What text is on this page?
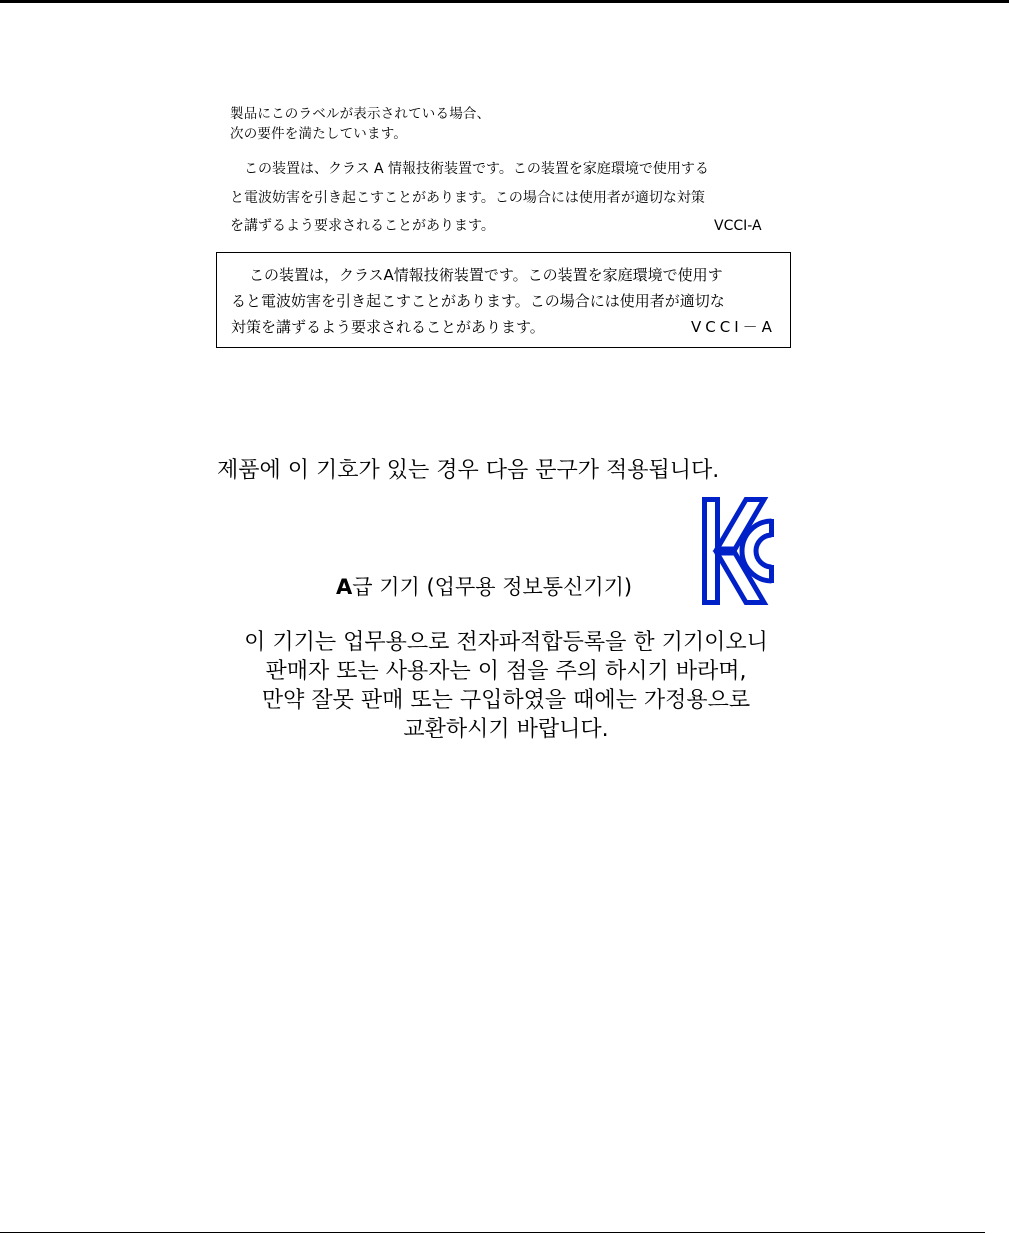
製品にこのラベルが表示されている場合、
次の要件を満たしています。
この装置は、クラス A 情報技術装置です。この装置を家庭環境で使用する
と電波妨害を引き起こすことがあります。この場合には使用者が適切な対策
を講ずるよう要求されることがあります。	VCCI-A
この装置は，クラスA情報技術装置です。この装置を家庭環境で使用す
ると電波妨害を引き起こすことがあります。この場合には使用者が適切な
対策を講ずるよう要求されることがあります。	VCCI－A
제품에 이 기호가 있는 경우 다음 문구가 적용됩니다.
A급 기기 (업무용 정보통신기기)
이 기기는 업무용으로 전자파적합등록을 한 기기이오니
판매자 또는 사용자는 이 점을 주의 하시기 바라며,
만약 잘못 판매 또는 구입하였을 때에는 가정용으로
교환하시기 바랍니다.
